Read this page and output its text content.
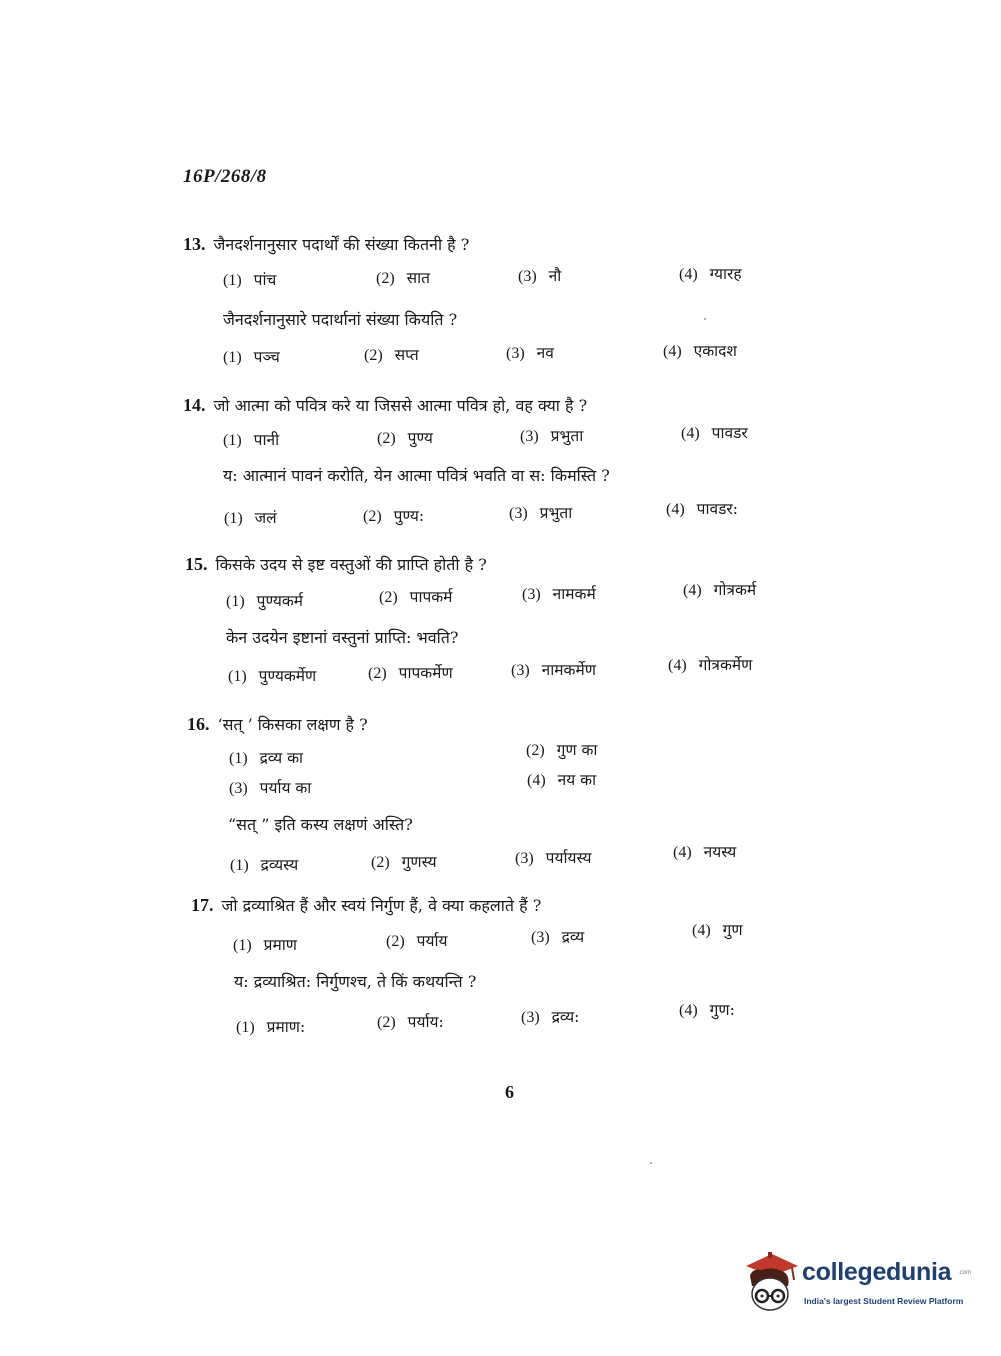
16P/268/8
13. जैनदर्शनानुसार पदार्थों की संख्या कितनी है ?
(1) पांच	(2) सात	(3) नौ	(4) ग्यारह
जैनदर्शनानुसारे पदार्थानां संख्या कियति ?
(1) पञ्च	(2) सप्त	(3) नव	(4) एकादश
14. जो आत्मा को पवित्र करे या जिससे आत्मा पवित्र हो, वह क्या है ?
(1) पानी	(2) पुण्य	(3) प्रभुता	(4) पावडर
य: आत्मानं पावनं करोति, येन आत्मा पवित्रं भवति वा स: किमस्ति ?
(1) जलं	(2) पुण्य:	(3) प्रभुता	(4) पावडर:
15. किसके उदय से इष्ट वस्तुओं की प्राप्ति होती है ?
(1) पुण्यकर्म	(2) पापकर्म	(3) नामकर्म	(4) गोत्रकर्म
केन उदयेन इष्टानां वस्तुनां प्राप्ति: भवति?
(1) पुण्यकर्मेण	(2) पापकर्मेण	(3) नामकर्मेण	(4) गोत्रकर्मेण
16. ‘सत् ’ किसका लक्षण है ?
(1) द्रव्य का	(2) गुण का
(3) पर्याय का	(4) नय का
“सत् ” इति कस्य लक्षणं अस्ति?
(1) द्रव्यस्य	(2) गुणस्य	(3) पर्यायस्य	(4) नयस्य
17. जो द्रव्याश्रित हैं और स्वयं निर्गुण हैं, वे क्या कहलाते हैं ?
(1) प्रमाण	(2) पर्याय	(3) द्रव्य	(4) गुण
य: द्रव्याश्रित: निर्गुणश्च, ते किं कथयन्ति ?
(1) प्रमाण:	(2) पर्याय:	(3) द्रव्य:	(4) गुण:
6
collegedunia .com
India's largest Student Review Platform
